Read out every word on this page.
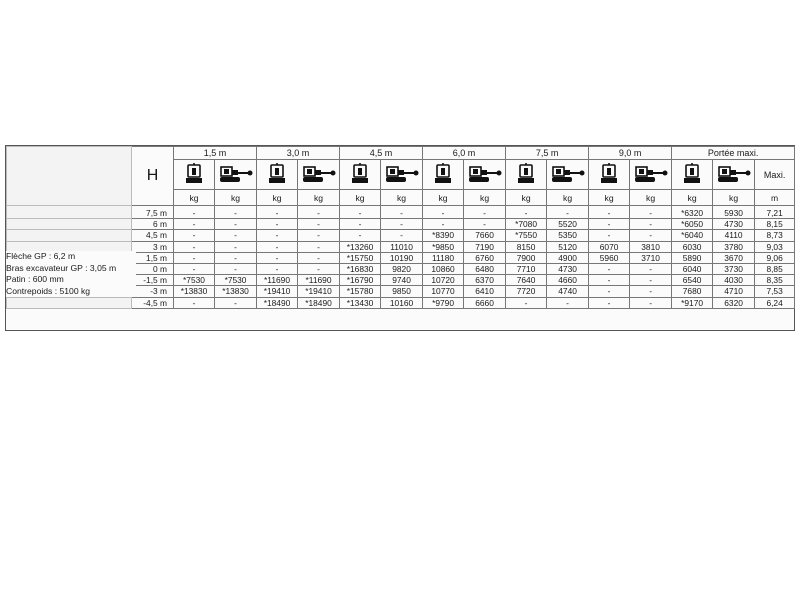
	H	1,5 m		3,0 m		4,5 m		6,0 m		7,5 m		9,0 m		Portée maxi.		
														Maxi.
		kg	kg	kg	kg	kg	kg	kg	kg	kg	kg	kg	kg	kg	kg	m
	7,5 m	-	-	-	-	-	-	-	-	-	-	-	-	*6320	5930	7,21
	6 m	-	-	-	-	-	-	-	-	*7080	5520	-	-	*6050	4730	8,15
	4,5 m	-	-	-	-	-	-	*8390	7660	*7550	5350	-	-	*6040	4110	8,73
	3 m	-	-	-	-	*13260	11010	*9850	7190	8150	5120	6070	3810	6030	3780	9,03
	1,5 m	-	-	-	-	*15750	10190	11180	6760	7900	4900	5960	3710	5890	3670	9,06
	0 m	-	-	-	-	*16830	9820	10860	6480	7710	4730	-	-	6040	3730	8,85
	-1,5 m	*7530	*7530	*11690	*11690	*16790	9740	10720	6370	7640	4660	-	-	6540	4030	8,35
	-3 m	*13830	*13830	*19410	*19410	*15780	9850	10770	6410	7720	4740	-	-	7680	4710	7,53
	-4,5 m	-	-	*18490	*18490	*13430	10160	*9790	6660	-	-	-	-	*9170	6320	6,24
Flèche GP : 6,2 m
Bras excavateur GP : 3,05 m
Patin : 600 mm
Contrepoids : 5100 kg
